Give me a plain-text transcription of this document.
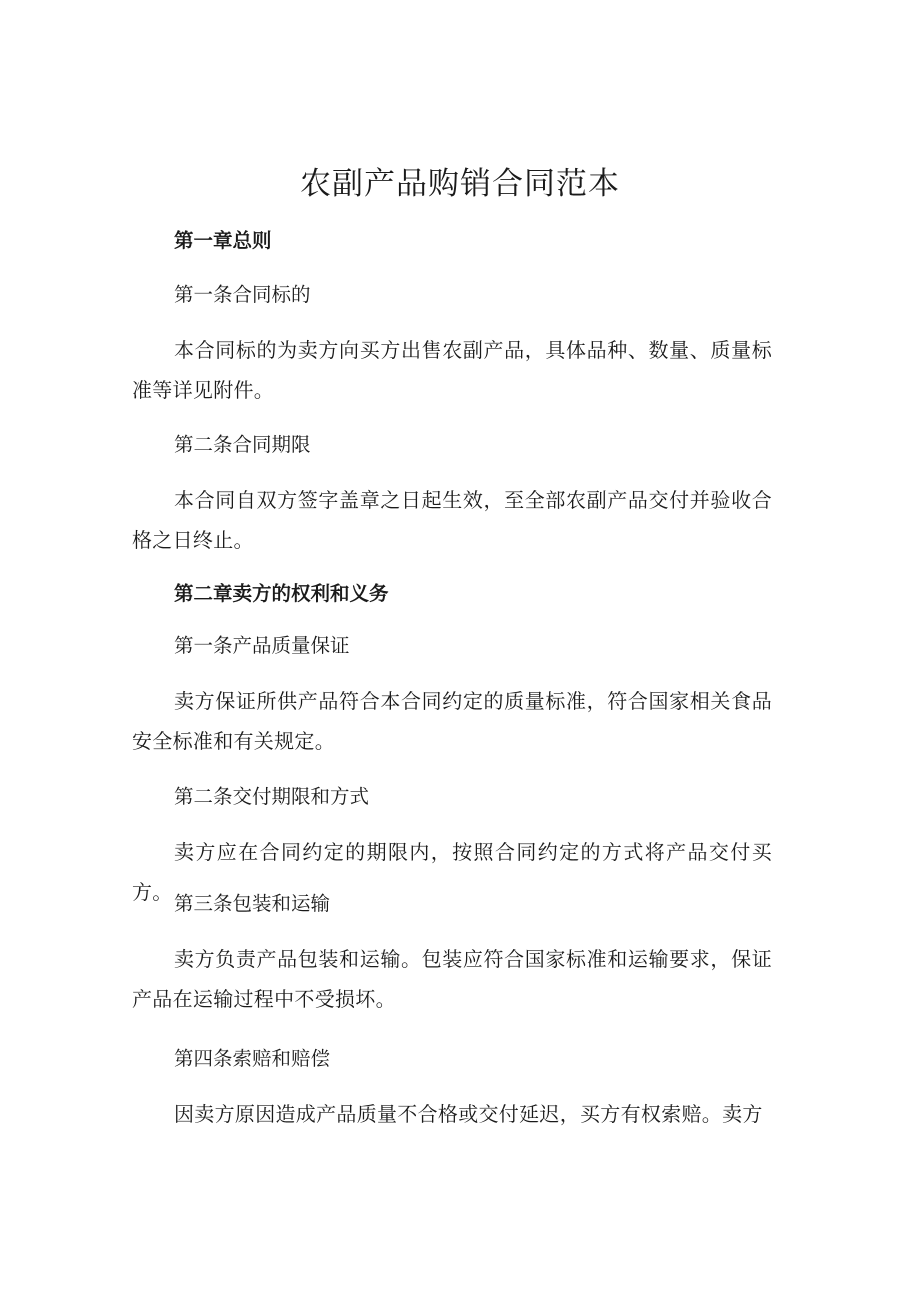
农副产品购销合同范本

第一章总则

第一条合同标的

本合同标的为卖方向买方出售农副产品，具体品种、数量、质量标准等详见附件。

第二条合同期限

本合同自双方签字盖章之日起生效，至全部农副产品交付并验收合格之日终止。

第二章卖方的权利和义务

第一条产品质量保证

卖方保证所供产品符合本合同约定的质量标准，符合国家相关食品安全标准和有关规定。

第二条交付期限和方式

卖方应在合同约定的期限内，按照合同约定的方式将产品交付买方。 第三条包装和运输

卖方负责产品包装和运输。包装应符合国家标准和运输要求，保证产品在运输过程中不受损坏。

第四条索赔和赔偿

因卖方原因造成产品质量不合格或交付延迟，买方有权索赔。卖方
